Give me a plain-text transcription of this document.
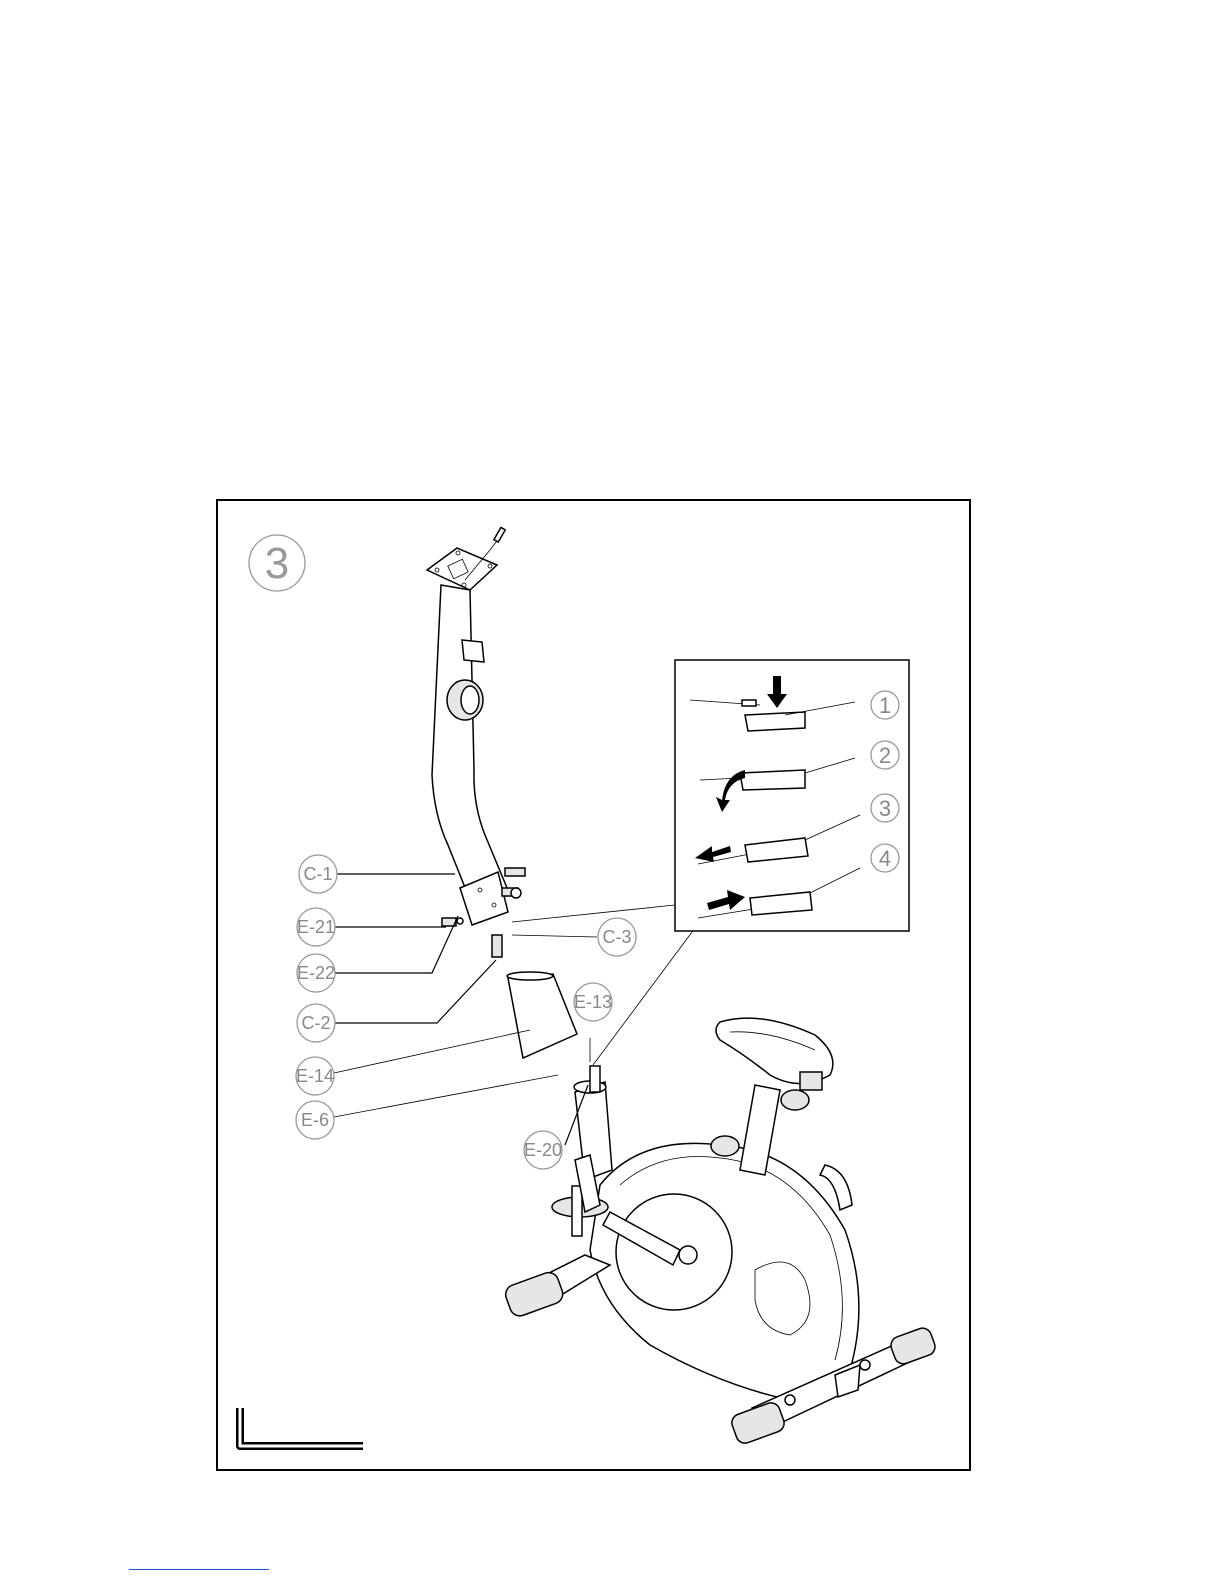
3
C-1
E-21
E-22
C-2
E-14
E-6
C-3
E-13
E-20
1
2
3
4
